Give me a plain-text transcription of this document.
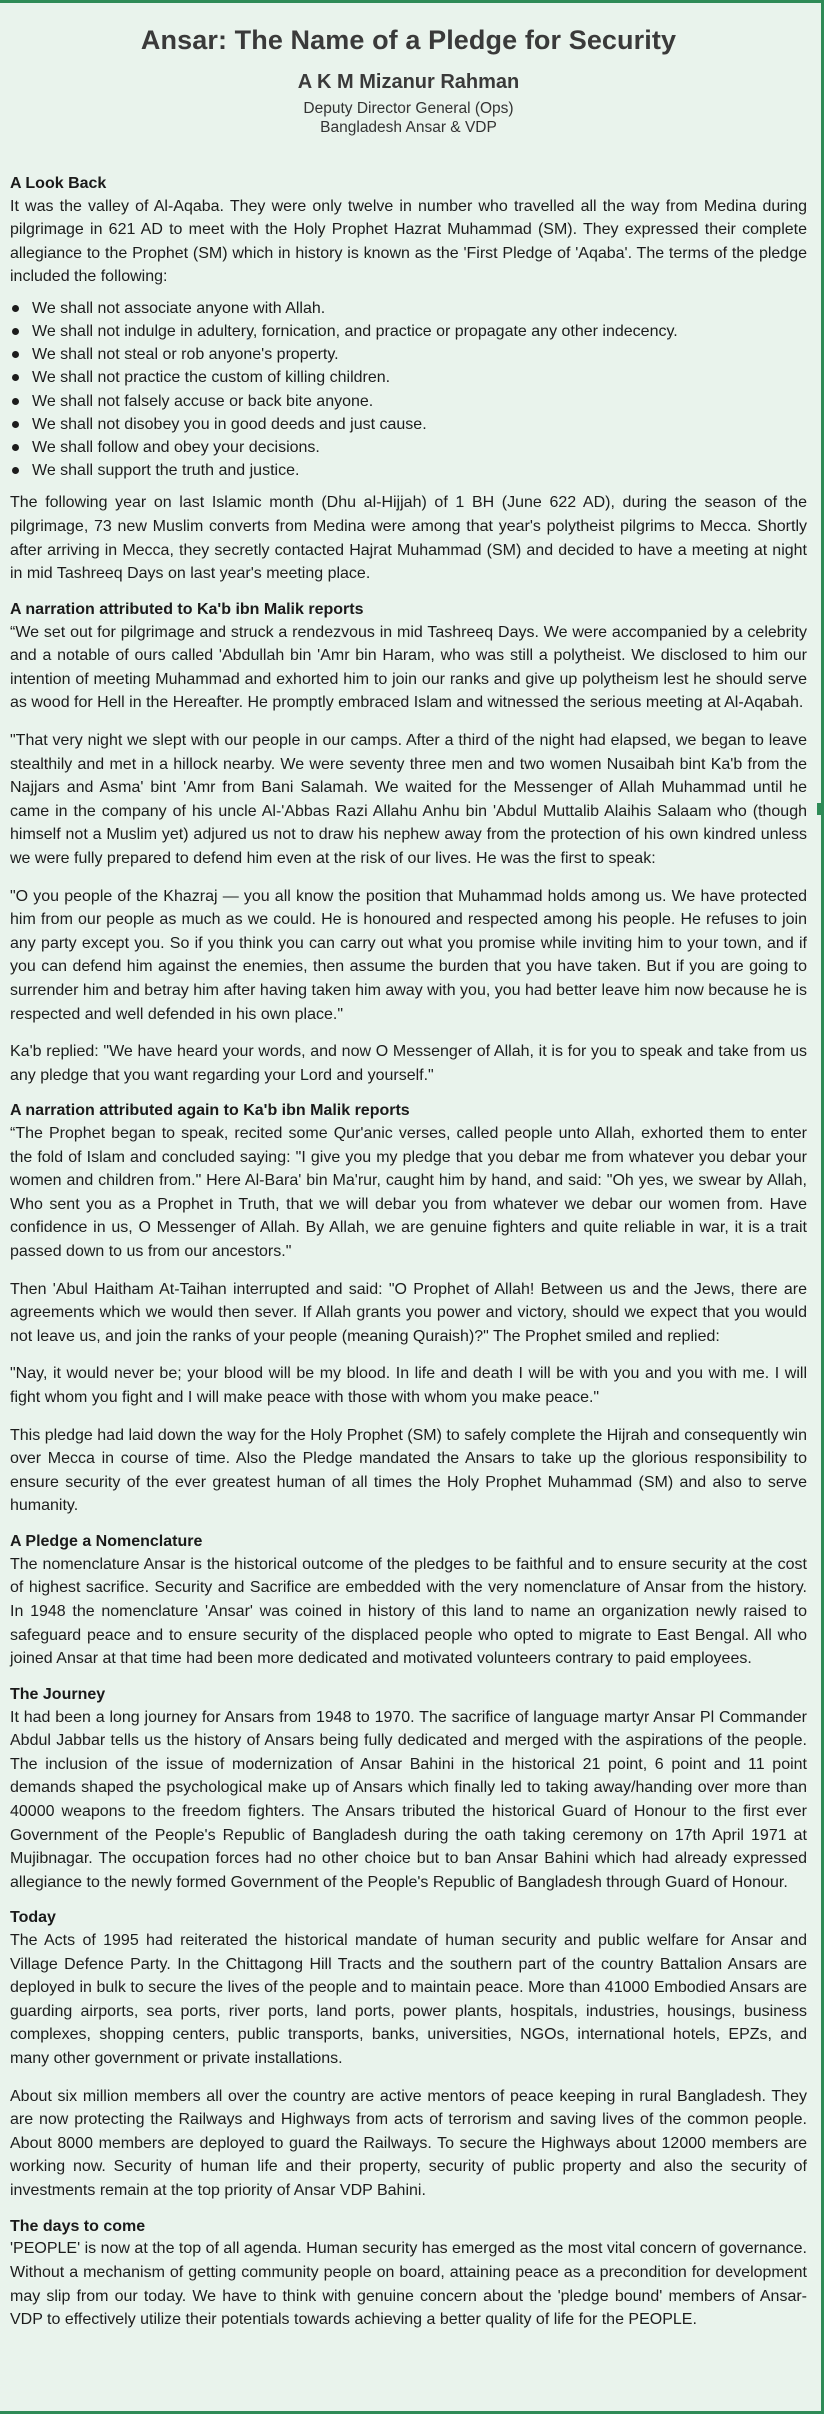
Ansar: The Name of a Pledge for Security
A K M Mizanur Rahman
Deputy Director General (Ops)
Bangladesh Ansar & VDP
A Look Back

It was the valley of Al-Aqaba. They were only twelve in number who travelled all the way from Medina during pilgrimage in 621 AD to meet with the Holy Prophet Hazrat Muhammad (SM). They expressed their complete allegiance to the Prophet (SM) which in history is known as the 'First Pledge of 'Aqaba'. The terms of the pledge included the following:

We shall not associate anyone with Allah.
We shall not indulge in adultery, fornication, and practice or propagate any other indecency.
We shall not steal or rob anyone's property.
We shall not practice the custom of killing children.
We shall not falsely accuse or back bite anyone.
We shall not disobey you in good deeds and just cause.
We shall follow and obey your decisions.
We shall support the truth and justice.

The following year on last Islamic month (Dhu al-Hijjah) of 1 BH (June 622 AD), during the season of the pilgrimage, 73 new Muslim converts from Medina were among that year's polytheist pilgrims to Mecca. Shortly after arriving in Mecca, they secretly contacted Hajrat Muhammad (SM) and decided to have a meeting at night in mid Tashreeq Days on last year's meeting place.

A narration attributed to Ka'b ibn Malik reports

“We set out for pilgrimage and struck a rendezvous in mid Tashreeq Days. We were accompanied by a celebrity and a notable of ours called 'Abdullah bin 'Amr bin Haram, who was still a polytheist. We disclosed to him our intention of meeting Muhammad and exhorted him to join our ranks and give up polytheism lest he should serve as wood for Hell in the Hereafter. He promptly embraced Islam and witnessed the serious meeting at Al-Aqabah.

"That very night we slept with our people in our camps. After a third of the night had elapsed, we began to leave stealthily and met in a hillock nearby. We were seventy three men and two women Nusaibah bint Ka'b from the Najjars and Asma' bint 'Amr from Bani Salamah. We waited for the Messenger of Allah Muhammad until he came in the company of his uncle Al-'Abbas Razi Allahu Anhu bin 'Abdul Muttalib Alaihis Salaam who (though himself not a Muslim yet) adjured us not to draw his nephew away from the protection of his own kindred unless we were fully prepared to defend him even at the risk of our lives. He was the first to speak:

"O you people of the Khazraj — you all know the position that Muhammad holds among us. We have protected him from our people as much as we could. He is honoured and respected among his people. He refuses to join any party except you. So if you think you can carry out what you promise while inviting him to your town, and if you can defend him against the enemies, then assume the burden that you have taken. But if you are going to surrender him and betray him after having taken him away with you, you had better leave him now because he is respected and well defended in his own place."

Ka'b replied: "We have heard your words, and now O Messenger of Allah, it is for you to speak and take from us any pledge that you want regarding your Lord and yourself."

A narration attributed again to Ka'b ibn Malik reports

“The Prophet began to speak, recited some Qur'anic verses, called people unto Allah, exhorted them to enter the fold of Islam and concluded saying: "I give you my pledge that you debar me from whatever you debar your women and children from." Here Al-Bara' bin Ma'rur, caught him by hand, and said: "Oh yes, we swear by Allah, Who sent you as a Prophet in Truth, that we will debar you from whatever we debar our women from. Have confidence in us, O Messenger of Allah. By Allah, we are genuine fighters and quite reliable in war, it is a trait passed down to us from our ancestors."

Then 'Abul Haitham At-Taihan interrupted and said: "O Prophet of Allah! Between us and the Jews, there are agreements which we would then sever. If Allah grants you power and victory, should we expect that you would not leave us, and join the ranks of your people (meaning Quraish)?" The Prophet smiled and replied:

"Nay, it would never be; your blood will be my blood. In life and death I will be with you and you with me. I will fight whom you fight and I will make peace with those with whom you make peace."

This pledge had laid down the way for the Holy Prophet (SM) to safely complete the Hijrah and consequently win over Mecca in course of time. Also the Pledge mandated the Ansars to take up the glorious responsibility to ensure security of the ever greatest human of all times the Holy Prophet Muhammad (SM) and also to serve humanity.

A Pledge a Nomenclature

The nomenclature Ansar is the historical outcome of the pledges to be faithful and to ensure security at the cost of highest sacrifice. Security and Sacrifice are embedded with the very nomenclature of Ansar from the history. In 1948 the nomenclature 'Ansar' was coined in history of this land to name an organization newly raised to safeguard peace and to ensure security of the displaced people who opted to migrate to East Bengal. All who joined Ansar at that time had been more dedicated and motivated volunteers contrary to paid employees.

The Journey

It had been a long journey for Ansars from 1948 to 1970. The sacrifice of language martyr Ansar Pl Commander Abdul Jabbar tells us the history of Ansars being fully dedicated and merged with the aspirations of the people. The inclusion of the issue of modernization of Ansar Bahini in the historical 21 point, 6 point and 11 point demands shaped the psychological make up of Ansars which finally led to taking away/handing over more than 40000 weapons to the freedom fighters. The Ansars tributed the historical Guard of Honour to the first ever Government of the People's Republic of Bangladesh during the oath taking ceremony on 17th April 1971 at Mujibnagar. The occupation forces had no other choice but to ban Ansar Bahini which had already expressed allegiance to the newly formed Government of the People's Republic of Bangladesh through Guard of Honour.

Today

The Acts of 1995 had reiterated the historical mandate of human security and public welfare for Ansar and Village Defence Party. In the Chittagong Hill Tracts and the southern part of the country Battalion Ansars are deployed in bulk to secure the lives of the people and to maintain peace. More than 41000 Embodied Ansars are guarding airports, sea ports, river ports, land ports, power plants, hospitals, industries, housings, business complexes, shopping centers, public transports, banks, universities, NGOs, international hotels, EPZs, and many other government or private installations.

About six million members all over the country are active mentors of peace keeping in rural Bangladesh. They are now protecting the Railways and Highways from acts of terrorism and saving lives of the common people. About 8000 members are deployed to guard the Railways. To secure the Highways about 12000 members are working now. Security of human life and their property, security of public property and also the security of investments remain at the top priority of Ansar VDP Bahini.

The days to come

'PEOPLE' is now at the top of all agenda. Human security has emerged as the most vital concern of governance. Without a mechanism of getting community people on board, attaining peace as a precondition for development may slip from our today. We have to think with genuine concern about the 'pledge bound' members of Ansar-VDP to effectively utilize their potentials towards achieving a better quality of life for the PEOPLE.
